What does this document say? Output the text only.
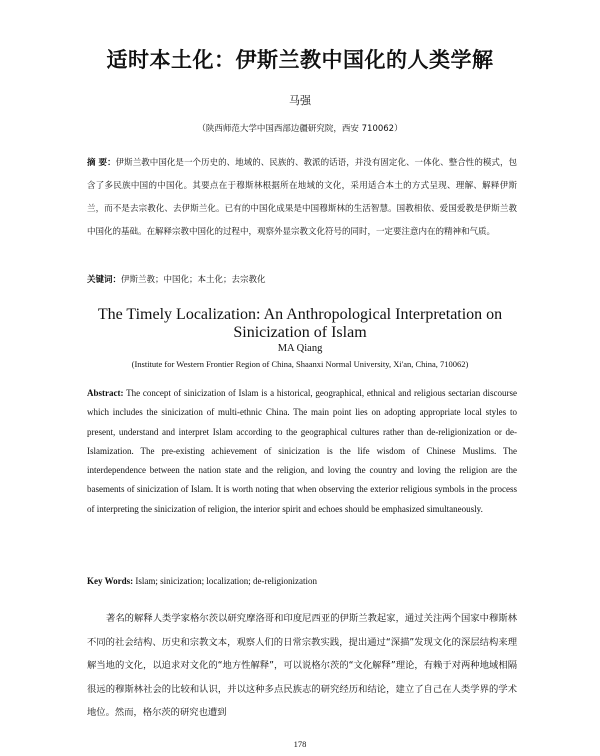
适时本土化：伊斯兰教中国化的人类学解
马强
（陕西师范大学中国西部边疆研究院，西安 710062）
摘 要：伊斯兰教中国化是一个历史的、地域的、民族的、教派的话语，并没有固定化、一体化、整合性的模式，包含了多民族中国的中国化。其要点在于穆斯林根据所在地域的文化，采用适合本土的方式呈现、理解、解释伊斯兰，而不是去宗教化、去伊斯兰化。已有的中国化成果是中国穆斯林的生活智慧。国教相依、爱国爱教是伊斯兰教中国化的基础。在解释宗教中国化的过程中，观察外显宗教文化符号的同时，一定要注意内在的精神和气质。
关键词：伊斯兰教；中国化；本土化；去宗教化
The Timely Localization: An Anthropological Interpretation on Sinicization of Islam
MA Qiang
(Institute for Western Frontier Region of China, Shaanxi Normal University, Xi'an, China, 710062)
Abstract: The concept of sinicization of Islam is a historical, geographical, ethnical and religious sectarian discourse which includes the sinicization of multi-ethnic China. The main point lies on adopting appropriate local styles to present, understand and interpret Islam according to the geographical cultures rather than de-religionization or de-Islamization. The pre-existing achievement of sinicization is the life wisdom of Chinese Muslims. The interdependence between the nation state and the religion, and loving the country and loving the religion are the basements of sinicization of Islam. It is worth noting that when observing the exterior religious symbols in the process of interpreting the sinicization of religion, the interior spirit and echoes should be emphasized simultaneously.
Key Words: Islam; sinicization; localization; de-religionization
著名的解释人类学家格尔茨以研究摩洛哥和印度尼西亚的伊斯兰教起家，通过关注两个国家中穆斯林不同的社会结构、历史和宗教文本，观察人们的日常宗教实践，提出通过“深描”发现文化的深层结构来理解当地的文化，以追求对文化的“地方性解释”，可以说格尔茨的“文化解释”理论，有赖于对两种地域相隔很远的穆斯林社会的比较和认识，并以这种多点民族志的研究经历和结论，建立了自己在人类学界的学术地位。然而，格尔茨的研究也遭到
178
